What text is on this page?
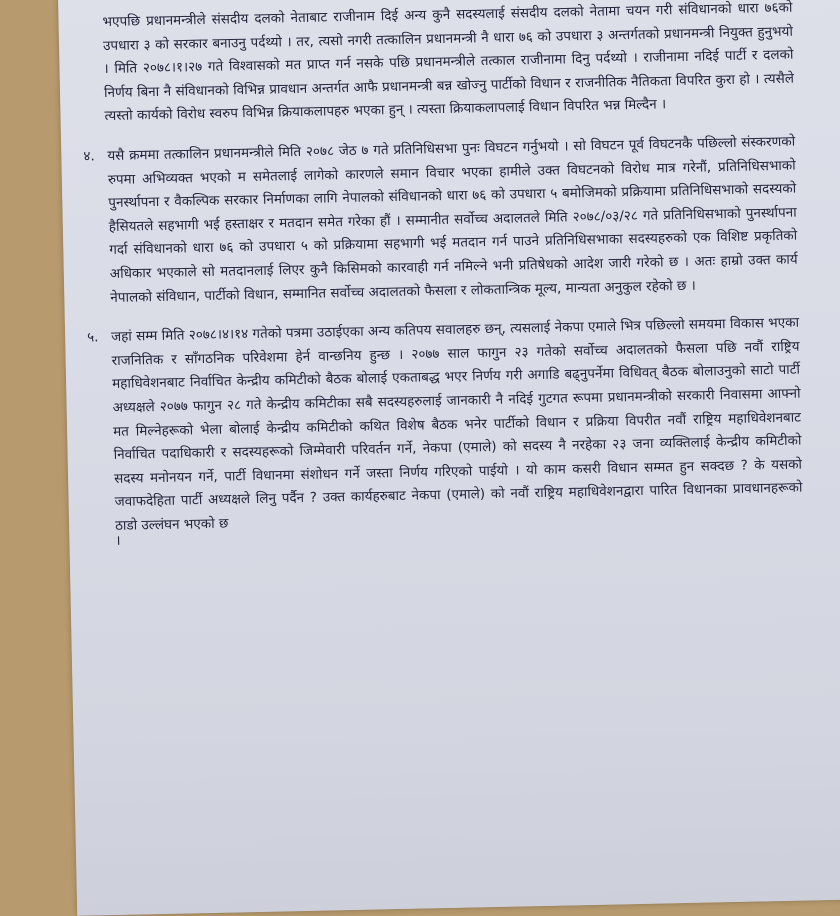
भएपछि प्रधानमन्त्रीले संसदीय दलको नेताबाट राजीनाम दिई अन्य कुनै सदस्यलाई संसदीय दलको नेतामा चयन गरी संविधानको धारा ७६को उपधारा ३ को सरकार बनाउनु पर्दथ्यो । तर, त्यसो नगरी तत्कालिन प्रधानमन्त्री नै धारा ७६ को उपधारा ३ अन्तर्गतको प्रधानमन्त्री नियुक्त हुनुभयो । मिति २०७८।१।२७ गते विश्वासको मत प्राप्त गर्न नसके पछि प्रधानमन्त्रीले तत्काल राजीनामा दिनु पर्दथ्यो । राजीनामा नदिई पार्टी र दलको निर्णय बिना नै संविधानको विभिन्न प्रावधान अन्तर्गत आफै प्रधानमन्त्री बन्न खोज्नु पार्टीको विधान र राजनीतिक नैतिकता विपरित कुरा हो । त्यसैले त्यस्तो कार्यको विरोध स्वरुप विभिन्न क्रियाकलापहरु भएका हुन् । त्यस्ता क्रियाकलापलाई विधान विपरित भन्न मिल्दैन ।

४. यसै क्रममा तत्कालिन प्रधानमन्त्रीले मिति २०७८ जेठ ७ गते प्रतिनिधिसभा पुनः विघटन गर्नुभयो । सो विघटन पूर्व विघटनकै पछिल्लो संस्करणको रुपमा अभिव्यक्त भएको म समेतलाई लागेको कारणले समान विचार भएका हामीले उक्त विघटनको विरोध मात्र गरेनौं, प्रतिनिधिसभाको पुनर्स्थापना र वैकल्पिक सरकार निर्माणका लागि नेपालको संविधानको धारा ७६ को उपधारा ५ बमोजिमको प्रक्रियामा प्रतिनिधिसभाको सदस्यको हैसियतले सहभागी भई हस्ताक्षर र मतदान समेत गरेका हौं । सम्मानीत सर्वोच्च अदालतले मिति २०७८/०३/२८ गते प्रतिनिधिसभाको पुनर्स्थापना गर्दा संविधानको धारा ७६ को उपधारा ५ को प्रक्रियामा सहभागी भई मतदान गर्न पाउने प्रतिनिधिसभाका सदस्यहरुको एक विशिष्ट प्रकृतिको अधिकार भएकाले सो मतदानलाई लिएर कुनै किसिमको कारवाही गर्न नमिल्ने भनी प्रतिषेधको आदेश जारी गरेको छ । अतः हाम्रो उक्त कार्य नेपालको संविधान, पार्टीको विधान, सम्मानित सर्वोच्च अदालतको फैसला र लोकतान्त्रिक मूल्य, मान्यता अनुकुल रहेको छ ।

५. जहां सम्म मिति २०७८।४।१४ गतेको पत्रमा उठाईएका अन्य कतिपय सवालहरु छन्, त्यसलाई नेकपा एमाले भित्र पछिल्लो समयमा विकास भएका राजनितिक र साँगठनिक परिवेशमा हेर्न वान्छनिय हुन्छ । २०७७ साल फागुन २३ गतेको सर्वोच्च अदालतको फैसला पछि नवौं राष्ट्रिय महाधिवेशनबाट निर्वाचित केन्द्रीय कमिटीको बैठक बोलाई एकताबद्ध भएर निर्णय गरी अगाडि बढ्नुपर्नेमा विधिवत् बैठक बोलाउनुको साटो पार्टी अध्यक्षले २०७७ फागुन २८ गते केन्द्रीय कमिटीका सबै सदस्यहरुलाई जानकारी नै नदिई गुटगत रूपमा प्रधानमन्त्रीको सरकारी निवासमा आफ्नो मत मिल्नेहरूको भेला बोलाई केन्द्रीय कमिटीको कथित विशेष बैठक भनेर पार्टीको विधान र प्रक्रिया विपरीत नवौं राष्ट्रिय महाधिवेशनबाट निर्वाचित पदाधिकारी र सदस्यहरूको जिम्मेवारी परिवर्तन गर्ने, नेकपा (एमाले) को सदस्य नै नरहेका २३ जना व्यक्तिलाई केन्द्रीय कमिटीको सदस्य मनोनयन गर्ने, पार्टी विधानमा संशोधन गर्ने जस्ता निर्णय गरिएको पाईयो । यो काम कसरी विधान सम्मत हुन सक्दछ ? के यसको जवाफदेहिता पार्टी अध्यक्षले लिनु पर्दैन ? उक्त कार्यहरुबाट नेकपा (एमाले) को नवौं राष्ट्रिय महाधिवेशनद्वारा पारित विधानका प्रावधानहरूको ठाडो उल्लंघन भएको छ

।
